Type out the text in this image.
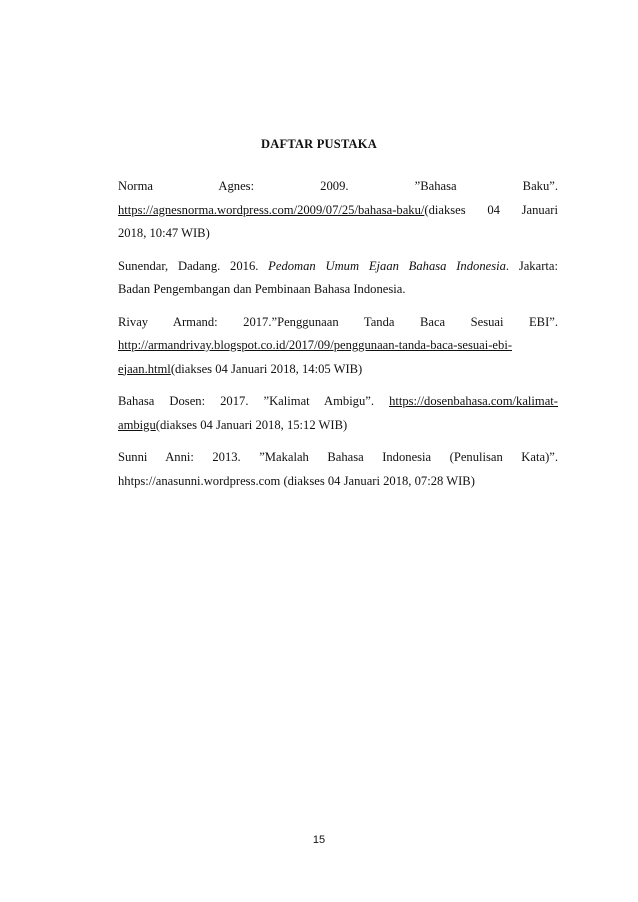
DAFTAR PUSTAKA
Norma	Agnes:	2009.	”Bahasa	Baku”.
https://agnesnorma.wordpress.com/2009/07/25/bahasa-baku/(diakses 04 Januari
2018, 10:47 WIB)
Sunendar, Dadang. 2016. Pedoman Umum Ejaan Bahasa Indonesia. Jakarta:
Badan Pengembangan dan Pembinaan Bahasa Indonesia.
Rivay Armand: 2017.”Penggunaan Tanda Baca Sesuai EBI”.
http://armandrivay.blogspot.co.id/2017/09/penggunaan-tanda-baca-sesuai-ebi-
ejaan.html(diakses 04 Januari 2018, 14:05 WIB)
Bahasa Dosen: 2017. ”Kalimat Ambigu”. https://dosenbahasa.com/kalimat-
ambigu(diakses 04 Januari 2018, 15:12 WIB)
Sunni Anni: 2013. ”Makalah Bahasa Indonesia (Penulisan Kata)”.
hhtps://anasunni.wordpress.com (diakses 04 Januari 2018, 07:28 WIB)
15
